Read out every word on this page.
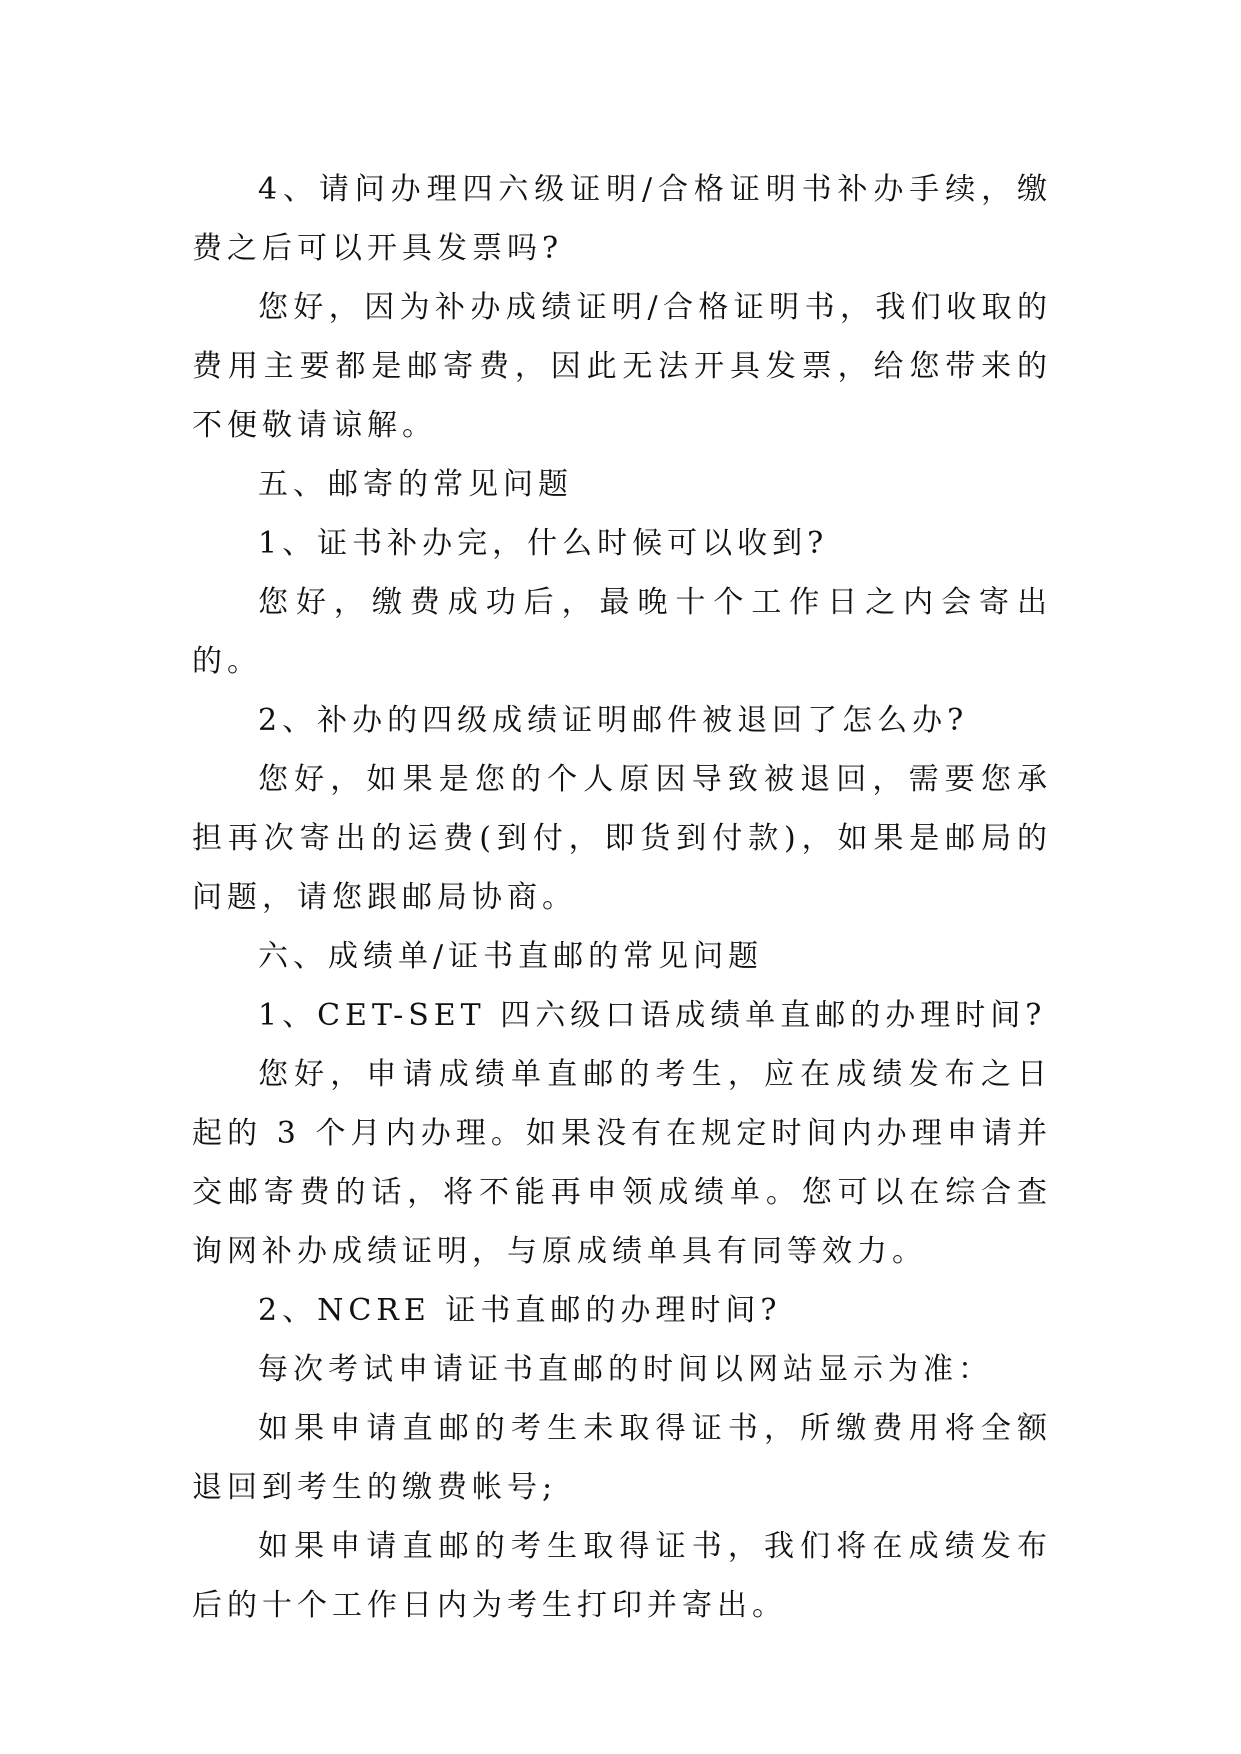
4、请问办理四六级证明/合格证明书补办手续，缴费之后可以开具发票吗?

您好，因为补办成绩证明/合格证明书，我们收取的费用主要都是邮寄费，因此无法开具发票，给您带来的不便敬请谅解。

五、邮寄的常见问题

1、证书补办完，什么时候可以收到?

您好，缴费成功后，最晚十个工作日之内会寄出的。

2、补办的四级成绩证明邮件被退回了怎么办?

您好，如果是您的个人原因导致被退回，需要您承担再次寄出的运费(到付，即货到付款)，如果是邮局的问题，请您跟邮局协商。

六、成绩单/证书直邮的常见问题

1、CET-SET 四六级口语成绩单直邮的办理时间?

您好，申请成绩单直邮的考生，应在成绩发布之日起的 3 个月内办理。如果没有在规定时间内办理申请并交邮寄费的话，将不能再申领成绩单。您可以在综合查询网补办成绩证明，与原成绩单具有同等效力。

2、NCRE 证书直邮的办理时间?

每次考试申请证书直邮的时间以网站显示为准：

如果申请直邮的考生未取得证书，所缴费用将全额退回到考生的缴费帐号;

如果申请直邮的考生取得证书，我们将在成绩发布后的十个工作日内为考生打印并寄出。
